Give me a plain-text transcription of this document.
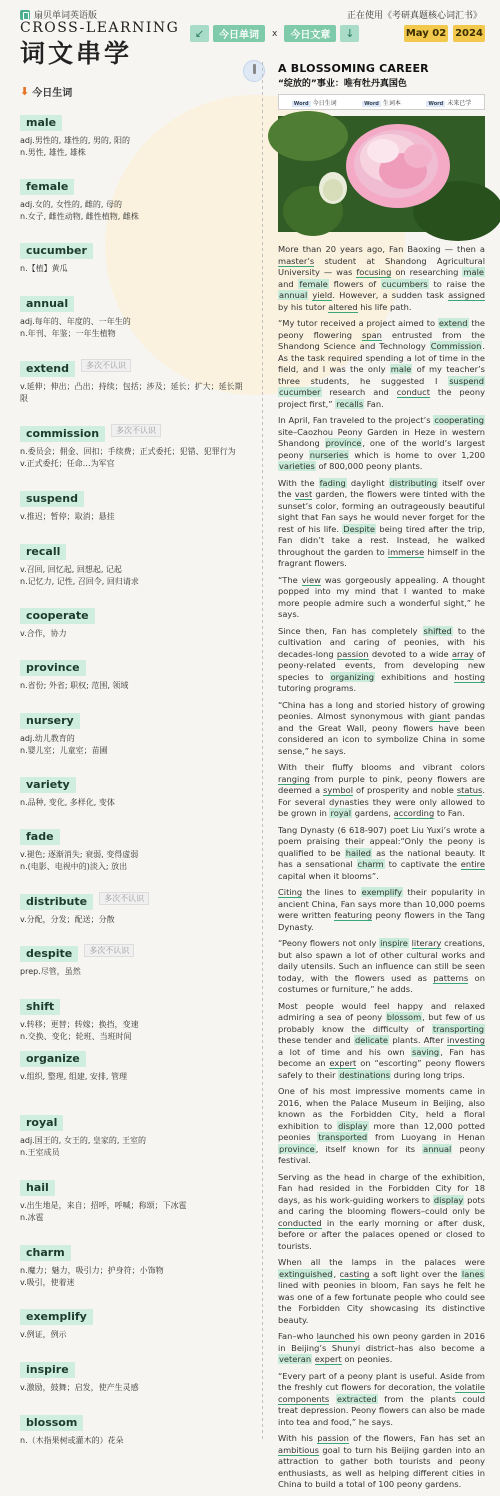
扇贝单词英语版	正在使用《考研真题核心词汇书》
CROSS-LEARNING
词文串学
↙	今日单词	x	今日文章	↓	May 02 2024
⬇ 今日生词
male
adj.男性的, 雄性的, 男的, 阳的
n.男性, 雄性, 雄株
female
adj.女的, 女性的, 雌的, 母的
n.女子, 雌性动物, 雌性植物, 雌株
cucumber
n.【植】黄瓜
annual
adj.每年的、年度的、一年生的
n.年刊、年鉴；一年生植物
extend 多次不认识
v.延伸；伸出；凸出；持续；包括；涉及；延长；扩大；延长期限
commission 多次不认识
n.委员会；佣金、回扣；手续费；正式委托；犯错、犯罪行为
v.正式委托；任命…为军官
suspend
v.推迟；暂停；取消；悬挂
recall
v.召回, 回忆起, 回想起, 记起
n.记忆力, 记性, 召回令, 回归请求
cooperate
v.合作，协力
province
n.省份; 外省; 职权; 范围, 领域
nursery
adj.幼儿教育的
n.婴儿室；儿童室；苗圃
variety
n.品种, 变化, 多样化, 变体
fade
v.褪色; 逐渐消失; 衰弱, 变得虚弱
n.(电影、电视中的)淡入; 放出
distribute 多次不认识
v.分配，分发；配送；分散
despite 多次不认识
prep.尽管，虽然
shift
v.转移；更替；转嫁；换挡，变速
n.交换、变化；轮班、当班时间
organize
v.组织, 整理, 组建, 安排, 管理
royal
adj.国王的, 女王的, 皇家的, 王室的
n.王室成员
hail
v.出生地是，来自；招呼，呼喊；称颂；下冰雹
n.冰雹
charm
n.魔力；魅力，吸引力；护身符；小饰物
v.吸引，使着迷
exemplify
v.例证，例示
inspire
v.激励，鼓舞；启发，使产生灵感
blossom
n.（木指果树或灌木的）花朵
A BLOSSOMING CAREER
“绽放的”事业：唯有牡丹真国色
Word 今日生词	Word 生词本	Word 未来已学

More than 20 years ago, Fan Baoxing — then a master’s student at Shandong Agricultural University — was focusing on researching male and female flowers of cucumbers to raise the annual yield. However, a sudden task assigned by his tutor altered his life path.

“My tutor received a project aimed to extend the peony flowering span entrusted from the Shandong Science and Technology Commission. As the task required spending a lot of time in the field, and I was the only male of my teacher’s three students, he suggested I suspend cucumber research and conduct the peony project first,” recalls Fan.

In April, Fan traveled to the project’s cooperating site–Caozhou Peony Garden in Heze in western Shandong province, one of the world’s largest peony nurseries which is home to over 1,200 varieties of 800,000 peony plants.

With the fading daylight distributing itself over the vast garden, the flowers were tinted with the sunset’s color, forming an outrageously beautiful sight that Fan says he would never forget for the rest of his life. Despite being tired after the trip, Fan didn’t take a rest. Instead, he walked throughout the garden to immerse himself in the fragrant flowers.

“The view was gorgeously appealing. A thought popped into my mind that I wanted to make more people admire such a wonderful sight,” he says.

Since then, Fan has completely shifted to the cultivation and caring of peonies, with his decades-long passion devoted to a wide array of peony-related events, from developing new species to organizing exhibitions and hosting tutoring programs.

“China has a long and storied history of growing peonies. Almost synonymous with giant pandas and the Great Wall, peony flowers have been considered an icon to symbolize China in some sense,” he says.

With their fluffy blooms and vibrant colors ranging from purple to pink, peony flowers are deemed a symbol of prosperity and noble status. For several dynasties they were only allowed to be grown in royal gardens, according to Fan.

Tang Dynasty (6 618-907) poet Liu Yuxi’s wrote a poem praising their appeal:“Only the peony is qualified to be hailed as the national beauty. It has a sensational charm to captivate the entire capital when it blooms”.

Citing the lines to exemplify their popularity in ancient China, Fan says more than 10,000 poems were written featuring peony flowers in the Tang Dynasty.

“Peony flowers not only inspire literary creations, but also spawn a lot of other cultural works and daily utensils. Such an influence can still be seen today, with the flowers used as patterns on costumes or furniture,” he adds.

Most people would feel happy and relaxed admiring a sea of peony blossom, but few of us probably know the difficulty of transporting these tender and delicate plants. After investing a lot of time and his own saving, Fan has become an expert on “escorting” peony flowers safely to their destinations during long trips.

One of his most impressive moments came in 2016, when the Palace Museum in Beijing, also known as the Forbidden City, held a floral exhibition to display more than 12,000 potted peonies transported from Luoyang in Henan province, itself known for its annual peony festival.

Serving as the head in charge of the exhibition, Fan had resided in the Forbidden City for 18 days, as his work-guiding workers to display pots and caring the blooming flowers–could only be conducted in the early morning or after dusk, before or after the palaces opened or closed to tourists.

When all the lamps in the palaces were extinguished, casting a soft light over the lanes lined with peonies in bloom, Fan says he felt he was one of a few fortunate people who could see the Forbidden City showcasing its distinctive beauty.

Fan–who launched his own peony garden in 2016 in Beijing’s Shunyi district–has also become a veteran expert on peonies.

“Every part of a peony plant is useful. Aside from the freshly cut flowers for decoration, the volatile components extracted from the plants could treat depression. Peony flowers can also be made into tea and food,” he says.

With his passion of the flowers, Fan has set an ambitious goal to turn his Beijing garden into an attraction to gather both tourists and peony enthusiasts, as well as helping different cities in China to build a total of 100 peony gardens.
